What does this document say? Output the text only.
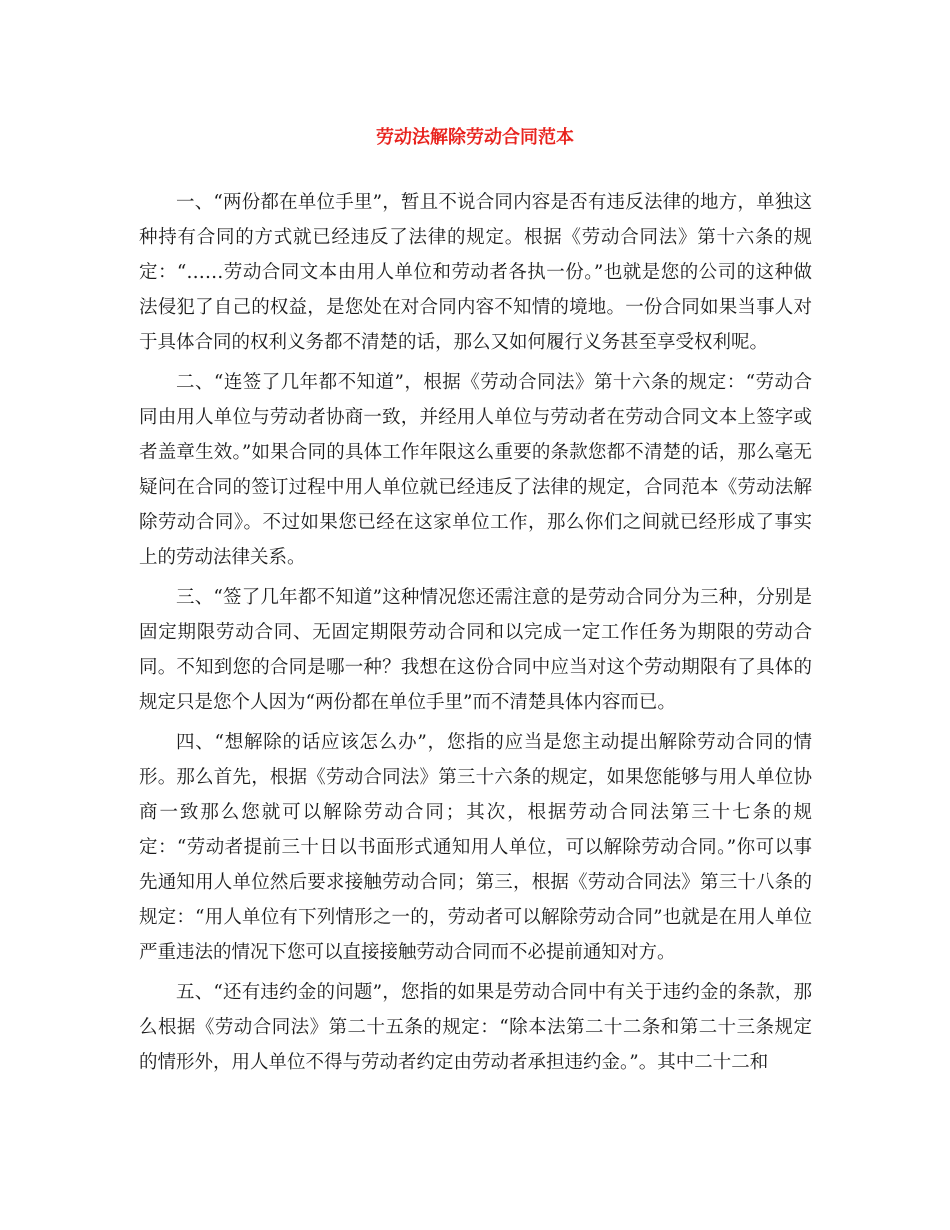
劳动法解除劳动合同范本

一、“两份都在单位手里”，暂且不说合同内容是否有违反法律的地方，单独这种持有合同的方式就已经违反了法律的规定。根据《劳动合同法》第十六条的规定：“……劳动合同文本由用人单位和劳动者各执一份。”也就是您的公司的这种做法侵犯了自己的权益，是您处在对合同内容不知情的境地。一份合同如果当事人对于具体合同的权利义务都不清楚的话，那么又如何履行义务甚至享受权利呢。

二、“连签了几年都不知道”，根据《劳动合同法》第十六条的规定：“劳动合同由用人单位与劳动者协商一致，并经用人单位与劳动者在劳动合同文本上签字或者盖章生效。”如果合同的具体工作年限这么重要的条款您都不清楚的话，那么毫无疑问在合同的签订过程中用人单位就已经违反了法律的规定，合同范本《劳动法解除劳动合同》。不过如果您已经在这家单位工作，那么你们之间就已经形成了事实上的劳动法律关系。

三、“签了几年都不知道”这种情况您还需注意的是劳动合同分为三种，分别是固定期限劳动合同、无固定期限劳动合同和以完成一定工作任务为期限的劳动合同。不知到您的合同是哪一种？我想在这份合同中应当对这个劳动期限有了具体的规定只是您个人因为“两份都在单位手里”而不清楚具体内容而已。

四、“想解除的话应该怎么办”，您指的应当是您主动提出解除劳动合同的情形。那么首先，根据《劳动合同法》第三十六条的规定，如果您能够与用人单位协商一致那么您就可以解除劳动合同；其次，根据劳动合同法第三十七条的规定：“劳动者提前三十日以书面形式通知用人单位，可以解除劳动合同。”你可以事先通知用人单位然后要求接触劳动合同；第三，根据《劳动合同法》第三十八条的规定：“用人单位有下列情形之一的，劳动者可以解除劳动合同”也就是在用人单位严重违法的情况下您可以直接接触劳动合同而不必提前通知对方。

五、“还有违约金的问题”，您指的如果是劳动合同中有关于违约金的条款，那么根据《劳动合同法》第二十五条的规定：“除本法第二十二条和第二十三条规定的情形外，用人单位不得与劳动者约定由劳动者承担违约金。”。其中二十二和
